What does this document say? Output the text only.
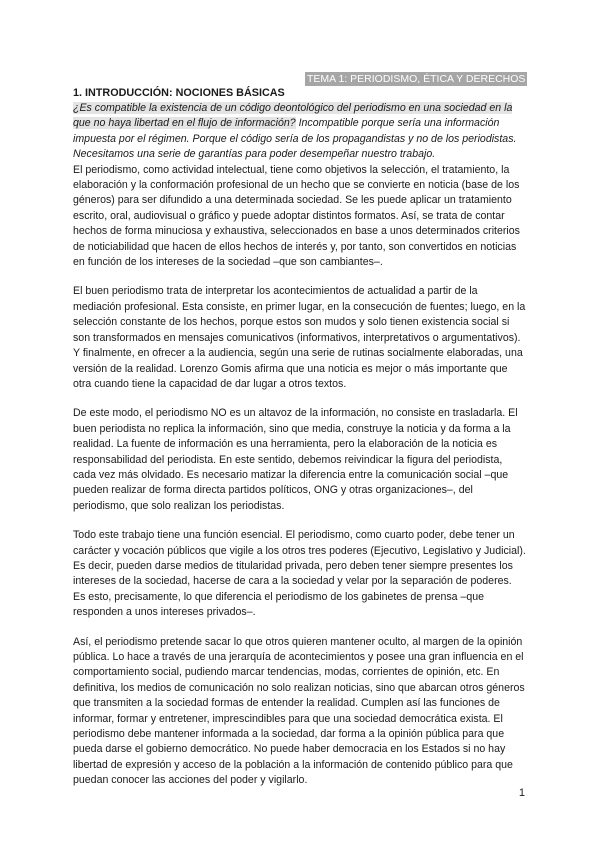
TEMA 1: PERIODISMO, ÉTICA Y DERECHOS
1. INTRODUCCIÓN: NOCIONES BÁSICAS
¿Es compatible la existencia de un código deontológico del periodismo en una sociedad en la que no haya libertad en el flujo de información? Incompatible porque sería una información impuesta por el régimen. Porque el código sería de los propagandistas y no de los periodistas. Necesitamos una serie de garantías para poder desempeñar nuestro trabajo.

El periodismo, como actividad intelectual, tiene como objetivos la selección, el tratamiento, la elaboración y la conformación profesional de un hecho que se convierte en noticia (base de los géneros) para ser difundido a una determinada sociedad. Se les puede aplicar un tratamiento escrito, oral, audiovisual o gráfico y puede adoptar distintos formatos. Así, se trata de contar hechos de forma minuciosa y exhaustiva, seleccionados en base a unos determinados criterios de noticiabilidad que hacen de ellos hechos de interés y, por tanto, son convertidos en noticias en función de los intereses de la sociedad –que son cambiantes–.

El buen periodismo trata de interpretar los acontecimientos de actualidad a partir de la mediación profesional. Esta consiste, en primer lugar, en la consecución de fuentes; luego, en la selección constante de los hechos, porque estos son mudos y solo tienen existencia social si son transformados en mensajes comunicativos (informativos, interpretativos o argumentativos). Y finalmente, en ofrecer a la audiencia, según una serie de rutinas socialmente elaboradas, una versión de la realidad. Lorenzo Gomis afirma que una noticia es mejor o más importante que otra cuando tiene la capacidad de dar lugar a otros textos.

De este modo, el periodismo NO es un altavoz de la información, no consiste en trasladarla. El buen periodista no replica la información, sino que media, construye la noticia y da forma a la realidad. La fuente de información es una herramienta, pero la elaboración de la noticia es responsabilidad del periodista. En este sentido, debemos reivindicar la figura del periodista, cada vez más olvidado. Es necesario matizar la diferencia entre la comunicación social –que pueden realizar de forma directa partidos políticos, ONG y otras organizaciones–, del periodismo, que solo realizan los periodistas.

Todo este trabajo tiene una función esencial. El periodismo, como cuarto poder, debe tener un carácter y vocación públicos que vigile a los otros tres poderes (Ejecutivo, Legislativo y Judicial). Es decir, pueden darse medios de titularidad privada, pero deben tener siempre presentes los intereses de la sociedad, hacerse de cara a la sociedad y velar por la separación de poderes. Es esto, precisamente, lo que diferencia el periodismo de los gabinetes de prensa –que responden a unos intereses privados–.

Así, el periodismo pretende sacar lo que otros quieren mantener oculto, al margen de la opinión pública. Lo hace a través de una jerarquía de acontecimientos y posee una gran influencia en el comportamiento social, pudiendo marcar tendencias, modas, corrientes de opinión, etc. En definitiva, los medios de comunicación no solo realizan noticias, sino que abarcan otros géneros que transmiten a la sociedad formas de entender la realidad. Cumplen así las funciones de informar, formar y entretener, imprescindibles para que una sociedad democrática exista. El periodismo debe mantener informada a la sociedad, dar forma a la opinión pública para que pueda darse el gobierno democrático. No puede haber democracia en los Estados si no hay libertad de expresión y acceso de la población a la información de contenido público para que puedan conocer las acciones del poder y vigilarlo.

1
